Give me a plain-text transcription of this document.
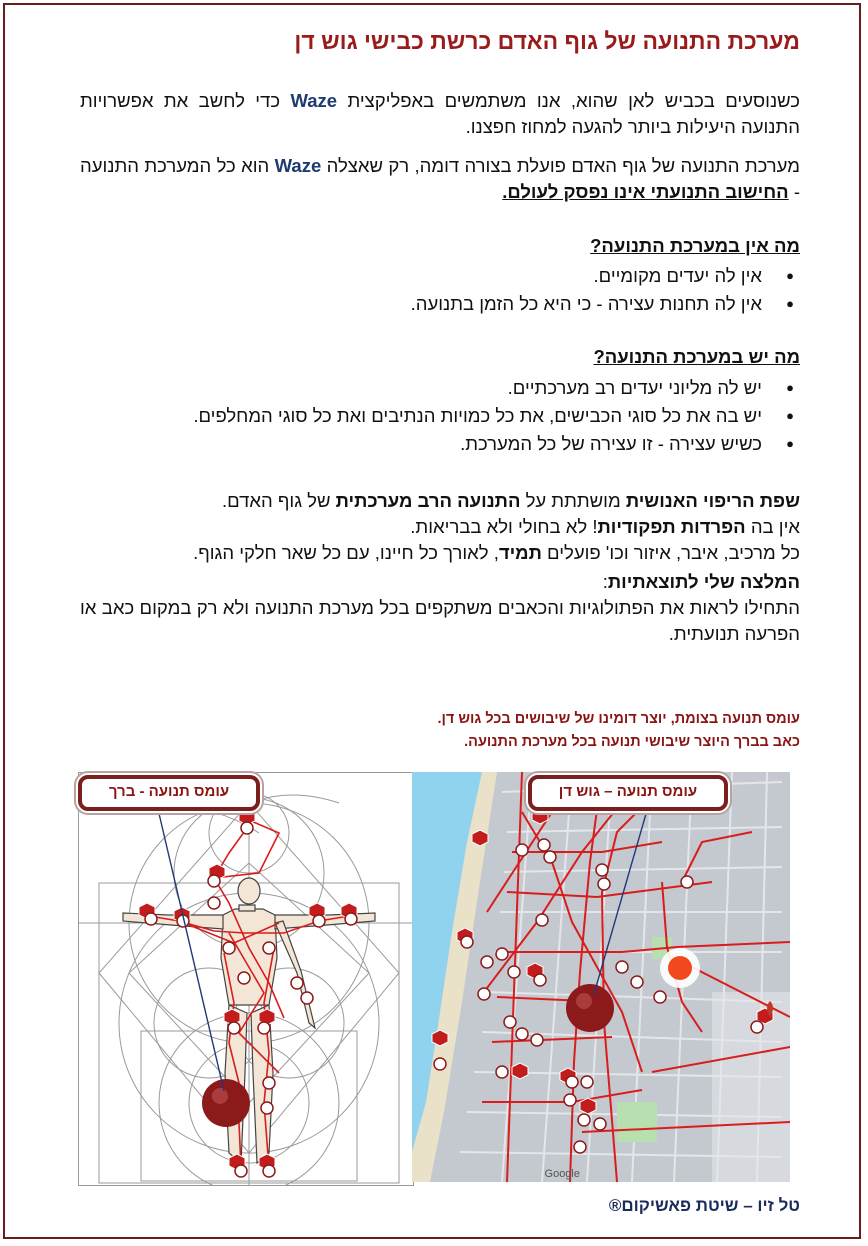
מערכת התנועה של גוף האדם כרשת כבישי גוש דן
כשנוסעים בכביש לאן שהוא, אנו משתמשים באפליקצית Waze כדי לחשב את אפשרויות התנועה היעילות ביותר להגעה למחוז חפצנו.
מערכת התנועה של גוף האדם פועלת בצורה דומה, רק שאצלה Waze הוא כל המערכת התנועה - החישוב התנועתי אינו נפסק לעולם.
מה אין במערכת התנועה?
● אין לה יעדים מקומיים.
● אין לה תחנות עצירה - כי היא כל הזמן בתנועה.
מה יש במערכת התנועה?
● יש לה מליוני יעדים רב מערכתיים.
● יש בה את כל סוגי הכבישים, את כל כמויות הנתיבים ואת כל סוגי המחלפים.
● כשיש עצירה - זו עצירה של כל המערכת.
שפת הריפוי האנושית מושתתת על התנועה הרב מערכתית של גוף האדם.
אין בה הפרדות תפקודיות! לא בחולי ולא בבריאות.
כל מרכיב, איבר, איזור וכו' פועלים תמיד, לאורך כל חיינו, עם כל שאר חלקי הגוף.
המלצה שלי לתוצאתיות:
התחילו לראות את הפתולוגיות והכאבים משתקפים בכל מערכת התנועה ולא רק במקום כאב או הפרעה תנועתית.
עומס תנועה בצומת, יוצר דומינו של שיבושים בכל גוש דן.
כאב בברך היוצר שיבושי תנועה בכל מערכת התנועה.
Google
עומס תנועה - ברך	עומס תנועה – גוש דן
טל זיו – שיטת פאשיקום®
